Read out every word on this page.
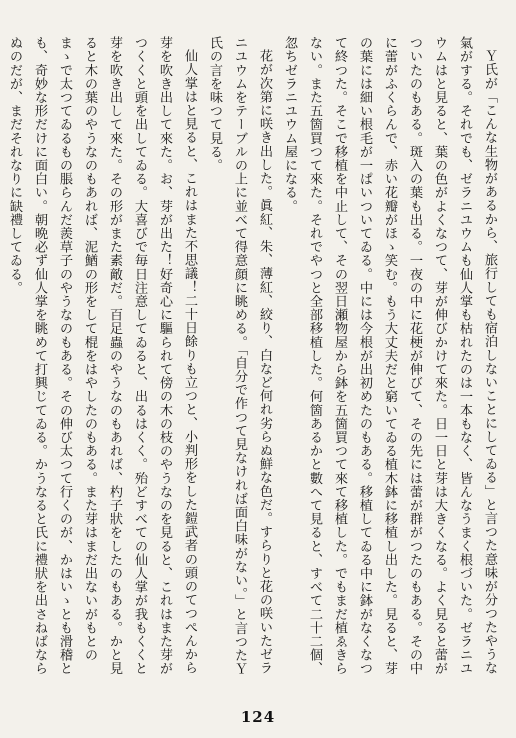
Ｙ氏が「こんな生物があるから、旅行しても宿泊しないことにしてゐる」と言つた意味が分つたやうな氣がする。それでも、ゼラニユウムも仙人掌も枯れたのは一本もなく、皆んなうまく根づいた。ゼラニユウムはと見ると、葉の色がよくなつて、芽が伸びかけて來た。日一日と芽は大きくなる。よく見ると蕾がついたのもある。斑入の葉も出る。一夜の中に花梗が伸びて、その先には蕾が群がつたのもある。その中に蕾がふくらんで、赤い花瓣がほゝ笑む。もう大丈夫だと窮いてゐる植木鉢に移植し出した。見ると、芽の葉には細い根毛が一ぱいついてゐる。中には今根が出初めたのもある。移植してゐる中に鉢がなくなつて終つた。そこで移植を中止して、その翌日瀬物屋から鉢を五箇買つて來て移植した。でもまだ植ゑきらない。また五箇買つて來た。それでやつと全部移植した。何箇あるかと數へて見ると、すべて二十二個、忽ちゼラニユウム屋になる。

花が次第に咲き出した。眞紅、朱、薄紅、絞り、白など何れ劣らぬ鮮な色だ。すらりと花の咲いたゼラニユウムをテーブルの上に並べて得意顔に眺める。「自分で作つて見なければ面白味がない。」と言つたＹ氏の言を味つて見る。

仙人掌はと見ると、これはまた不思議！二十日餘りも立つと、小判形をした鎧武者の頭のてつぺんから芽を吹き出して來た。お、芽が出た！好奇心に驅られて傍の木の枝のやうなのを見ると、これはまた芽がつくくと頭を出してゐる。大喜びで毎日注意してゐると、出るはくく。殆どすべての仙人掌が我もくくと芽を吹き出して來た。その形がまた素敵だ。百足蟲のやうなのもあれば、杓子狀をしたのもある。かと見ると木の葉のやうなのもあれば、泥鰌の形をして棍をはやしたのもある。また芽はまだ出ないがもとのまゝで太つてゐるもの脹らんだ羨草子のやうなのもある。その伸び太つて行くのが、かはいゝとも滑稽とも、奇妙な形だけに面白い。朝晩必ず仙人掌を眺めて打興じてゐる。かうなると氏に禮狀を出さねばならぬのだが、まだそれなりに缺禮してゐる。

124
